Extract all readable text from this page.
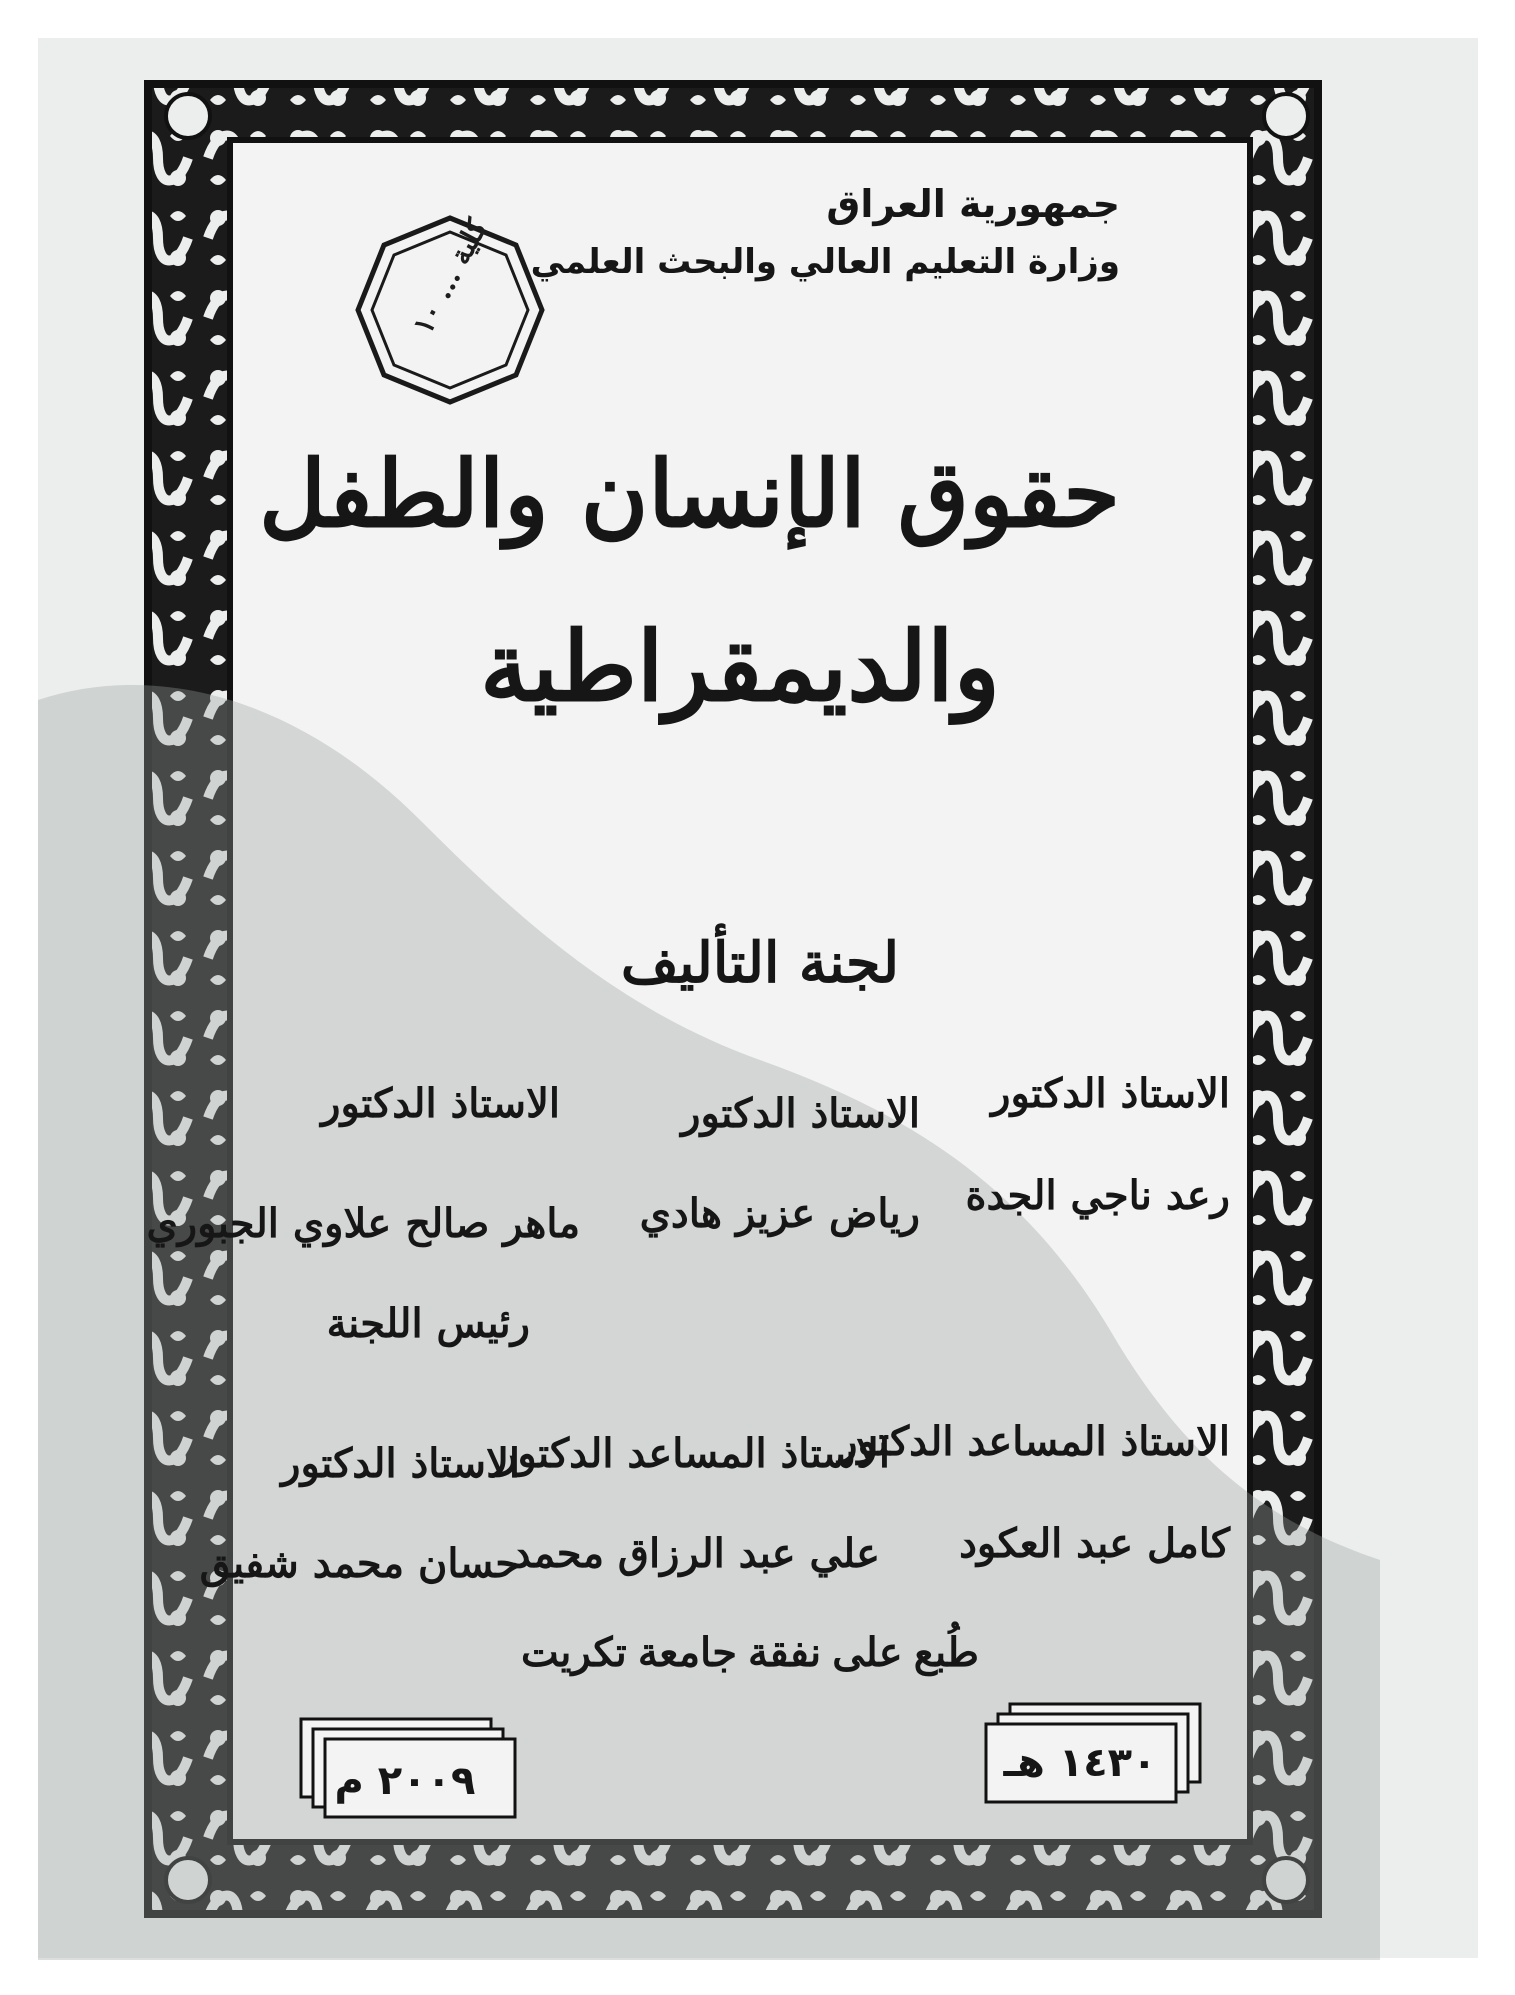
جمهورية العراق
وزارة التعليم العالي والبحث العلمي
كلية ... ١٠
حقوق الإنسان والطفل
والديمقراطية
لجنة التأليف
الاستاذ الدكتور
رعد ناجي الجدة
الاستاذ الدكتور
رياض عزيز هادي
الاستاذ الدكتور
ماهر صالح علاوي الجبوري
رئيس اللجنة
الاستاذ المساعد الدكتور
كامل عبد العكود
الاستاذ المساعد الدكتور
علي عبد الرزاق محمد
الاستاذ الدكتور
حسان محمد شفيق
طُبع على نفقة جامعة تكريت
١٤٣٠ هـ
٢٠٠٩ م
